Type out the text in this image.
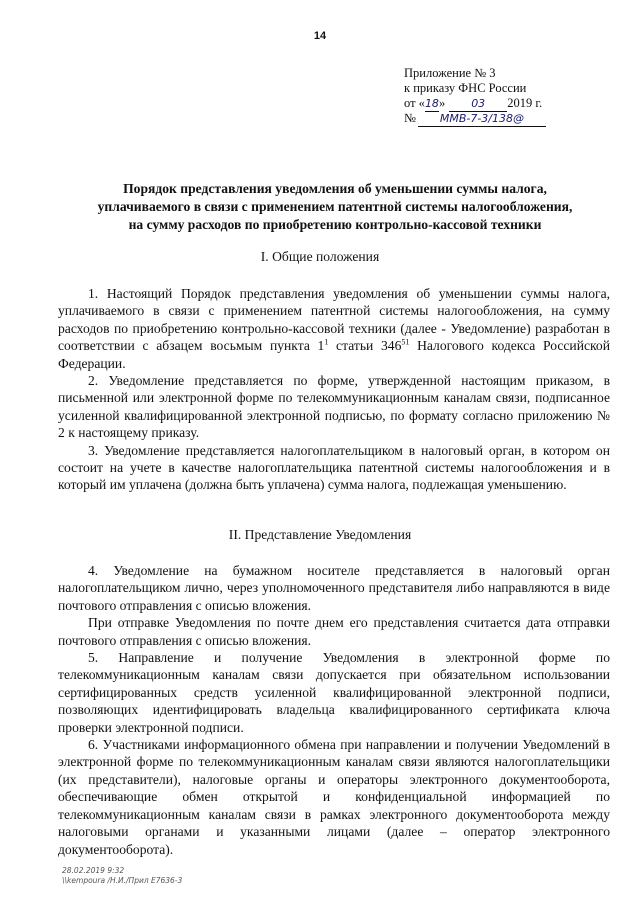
14
Приложение № 3
к приказу ФНС России
от «18» 03 2019 г.
№ ММВ-7-3/138@
Порядок представления уведомления об уменьшении суммы налога,
уплачиваемого в связи с применением патентной системы налогообложения,
на сумму расходов по приобретению контрольно-кассовой техники
I. Общие положения

1. Настоящий Порядок представления уведомления об уменьшении суммы налога, уплачиваемого в связи с применением патентной системы налогообложения, на сумму расходов по приобретению контрольно-кассовой техники (далее - Уведомление) разработан в соответствии с абзацем восьмым пункта $1^1$ статьи $346^{51}$ Налогового кодекса Российской Федерации.

2. Уведомление представляется по форме, утвержденной настоящим приказом, в письменной или электронной форме по телекоммуникационным каналам связи, подписанное усиленной квалифицированной электронной подписью, по формату согласно приложению № 2 к настоящему приказу.

3. Уведомление представляется налогоплательщиком в налоговый орган, в котором он состоит на учете в качестве налогоплательщика патентной системы налогообложения и в который им уплачена (должна быть уплачена) сумма налога, подлежащая уменьшению.

II. Представление Уведомления

4. Уведомление на бумажном носителе представляется в налоговый орган налогоплательщиком лично, через уполномоченного представителя либо направляются в виде почтового отправления с описью вложения.

При отправке Уведомления по почте днем его представления считается дата отправки почтового отправления с описью вложения.

5. Направление и получение Уведомления в электронной форме по телекоммуникационным каналам связи допускается при обязательном использовании сертифицированных средств усиленной квалифицированной электронной подписи, позволяющих идентифицировать владельца квалифицированного сертификата ключа проверки электронной подписи.

6. Участниками информационного обмена при направлении и получении Уведомлений в электронной форме по телекоммуникационным каналам связи являются налогоплательщики (их представители), налоговые органы и операторы электронного документооборота, обеспечивающие обмен открытой и конфиденциальной информацией по телекоммуникационным каналам связи в рамках электронного документооборота между налоговыми органами и указанными лицами (далее – оператор электронного документооборота).

28.02.2019 9:32
\\kempoura /Н.И./Прил E7636-3
